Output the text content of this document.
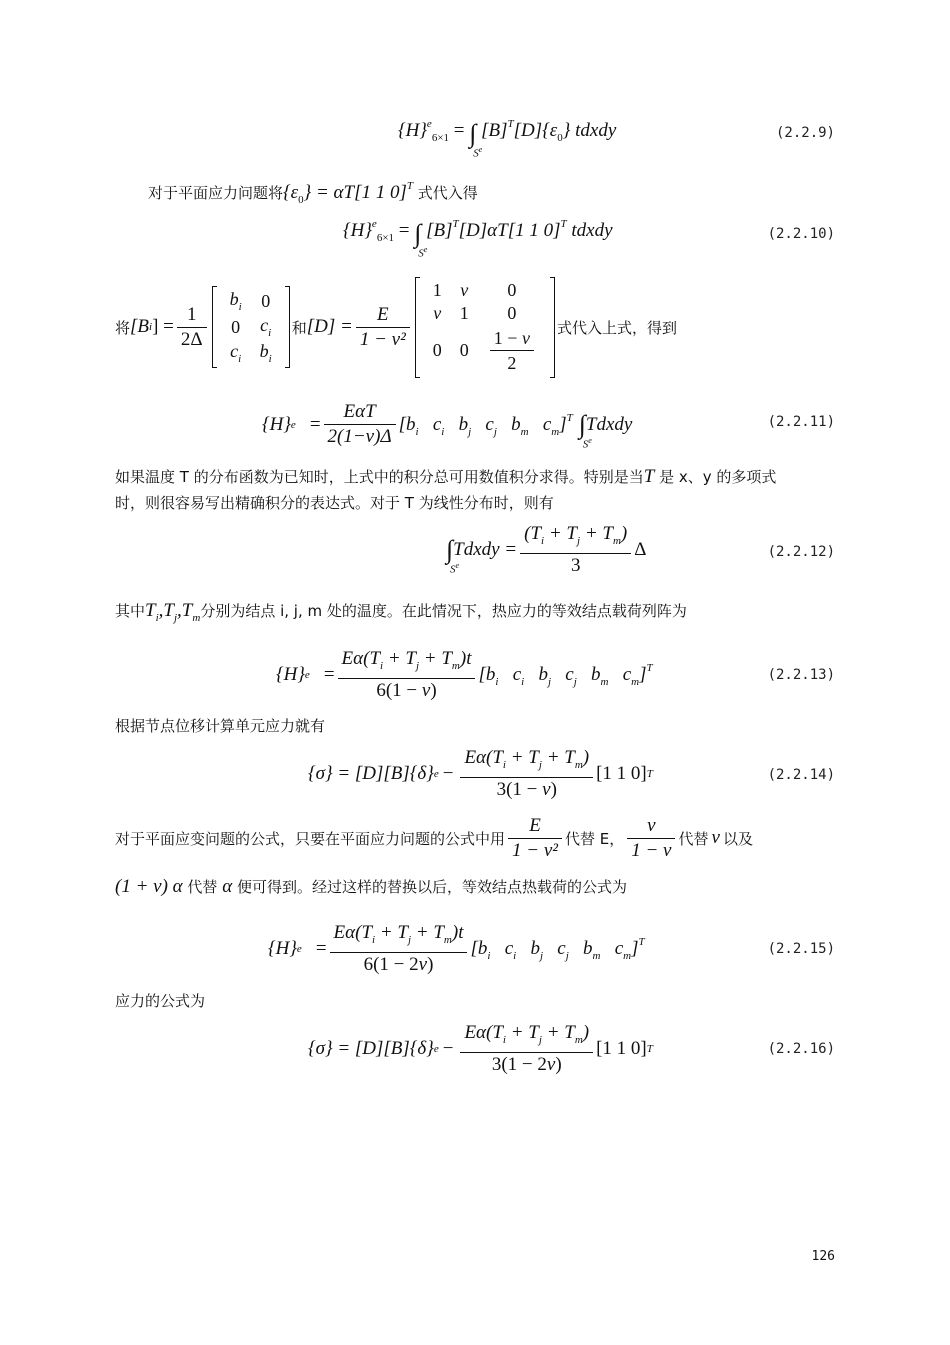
$\{H\}^e_{6\times 1}$ = ∫
$S^e$
$[B]^T[D]\{\varepsilon_0\}$ tdxdy	(2.2.9)
对于平面应力问题将$\{\varepsilon_0\} = \alpha T[1$ 1 0]$^T$ 式代入得
$\{H\}^e_{6\times 1}$ = ∫
$S^e$
$[B]^T[D]\alpha T[1$ 1 0]$^T$ tdxdy	(2.2.10)
将 [B i ] = $\frac{1}{2\Delta}$
$b_i$	0
0	$c_i$
$c_i$	$b_i$
和 $[D] = \frac{E}{\text{1 − ν²}}$
1	ν	0
ν	1	0
0	0	$\frac{1 - \nu}{2}$ 式代入上式，得到
{H} $e = \frac{\text{EαT}}{2(1-\nu)\Delta} [b_i$   $c_i$   $b_j$   $c_j$   $b_m$   $c_m]^T$ ∫
$S^e$
Tdxdy	(2.2.11)
如果温度 T 的分布函数为已知时，上式中的积分总可用数值积分求得。特别是当T 是 x、y 的多项式
时，则很容易写出精确积分的表达式。对于 T 为线性分布时，则有
∫
$S^e$
Tdxdy = $\frac{(T_i + T_j + T_m)}{3}$ Δ	(2.2.12)
其中$T_i,T_j,T_m$分别为结点 i, j, m 处的温度。在此情况下，热应力的等效结点载荷列阵为
{H} $e = \frac{E\alpha(T_i + T_j + T_m)t}{6(1 - \nu)} [b_i$   $c_i$   $b_j$   $c_j$   $b_m$   $c_m]^T$	(2.2.13)
根据节点位移计算单元应力就有
{σ} = [D][B]{δ} $e - \frac{E\alpha(T_i + T_j + T_m)}{3(1 - \nu)} [1$ 1 0] T	(2.2.14)
对于平面应变问题的公式，只要在平面应力问题的公式中用 $\frac{E}{\text{1 − ν²}}$ 代替 E， $\frac{\nu}{1 - \nu}$ 代替 ν 以及
(1 + ν) α 代替 α 便可得到。经过这样的替换以后，等效结点热载荷的公式为
{H} $e = \frac{E\alpha(T_i + T_j + T_m)t}{6(1 - 2\nu)} [b_i$   $c_i$   $b_j$   $c_j$   $b_m$   $c_m]^T$	(2.2.15)
应力的公式为
{σ} = [D][B]{δ} $e - \frac{E\alpha(T_i + T_j + T_m)}{3(1 - 2\nu)} [1$ 1 0] T	(2.2.16)
126
